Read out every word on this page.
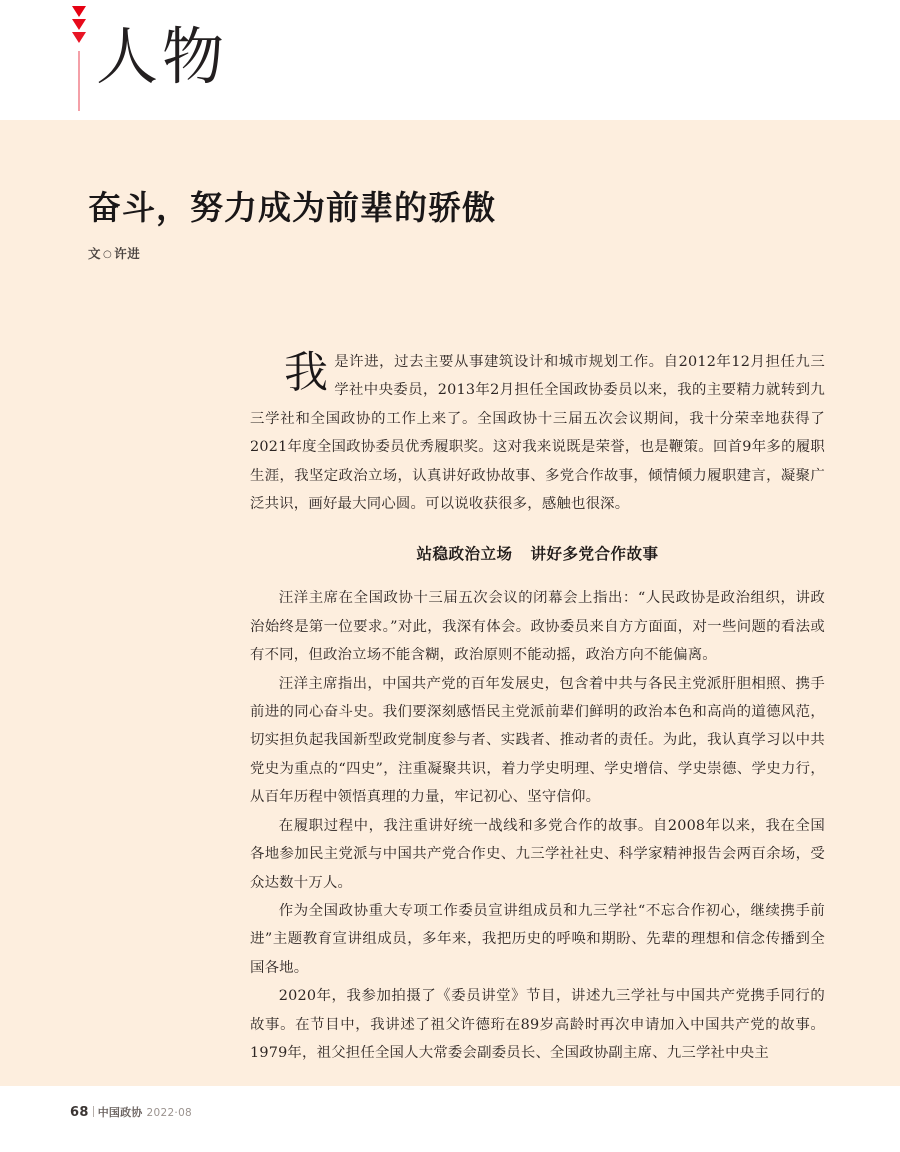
人物
奋斗，努力成为前辈的骄傲
文 ○ 许进

我是许进，过去主要从事建筑设计和城市规划工作。自2012年12月担任九三学社中央委员，2013年2月担任全国政协委员以来，我的主要精力就转到九三学社和全国政协的工作上来了。全国政协十三届五次会议期间，我十分荣幸地获得了2021年度全国政协委员优秀履职奖。这对我来说既是荣誉，也是鞭策。回首9年多的履职生涯，我坚定政治立场，认真讲好政协故事、多党合作故事，倾情倾力履职建言，凝聚广泛共识，画好最大同心圆。可以说收获很多，感触也很深。

站稳政治立场 讲好多党合作故事

汪洋主席在全国政协十三届五次会议的闭幕会上指出：“人民政协是政治组织，讲政治始终是第一位要求。”对此，我深有体会。政协委员来自方方面面，对一些问题的看法或有不同，但政治立场不能含糊，政治原则不能动摇，政治方向不能偏离。

汪洋主席指出，中国共产党的百年发展史，包含着中共与各民主党派肝胆相照、携手前进的同心奋斗史。我们要深刻感悟民主党派前辈们鲜明的政治本色和高尚的道德风范，切实担负起我国新型政党制度参与者、实践者、推动者的责任。为此，我认真学习以中共党史为重点的“四史”，注重凝聚共识，着力学史明理、学史增信、学史崇德、学史力行，从百年历程中领悟真理的力量，牢记初心、坚守信仰。

在履职过程中，我注重讲好统一战线和多党合作的故事。自2008年以来，我在全国各地参加民主党派与中国共产党合作史、九三学社社史、科学家精神报告会两百余场，受众达数十万人。

作为全国政协重大专项工作委员宣讲组成员和九三学社“不忘合作初心，继续携手前进”主题教育宣讲组成员，多年来，我把历史的呼唤和期盼、先辈的理想和信念传播到全国各地。

2020年，我参加拍摄了《委员讲堂》节目，讲述九三学社与中国共产党携手同行的故事。在节目中，我讲述了祖父许德珩在89岁高龄时再次申请加入中国共产党的故事。1979年，祖父担任全国人大常委会副委员长、全国政协副主席、九三学社中央主

68 中国政协 2022·08
